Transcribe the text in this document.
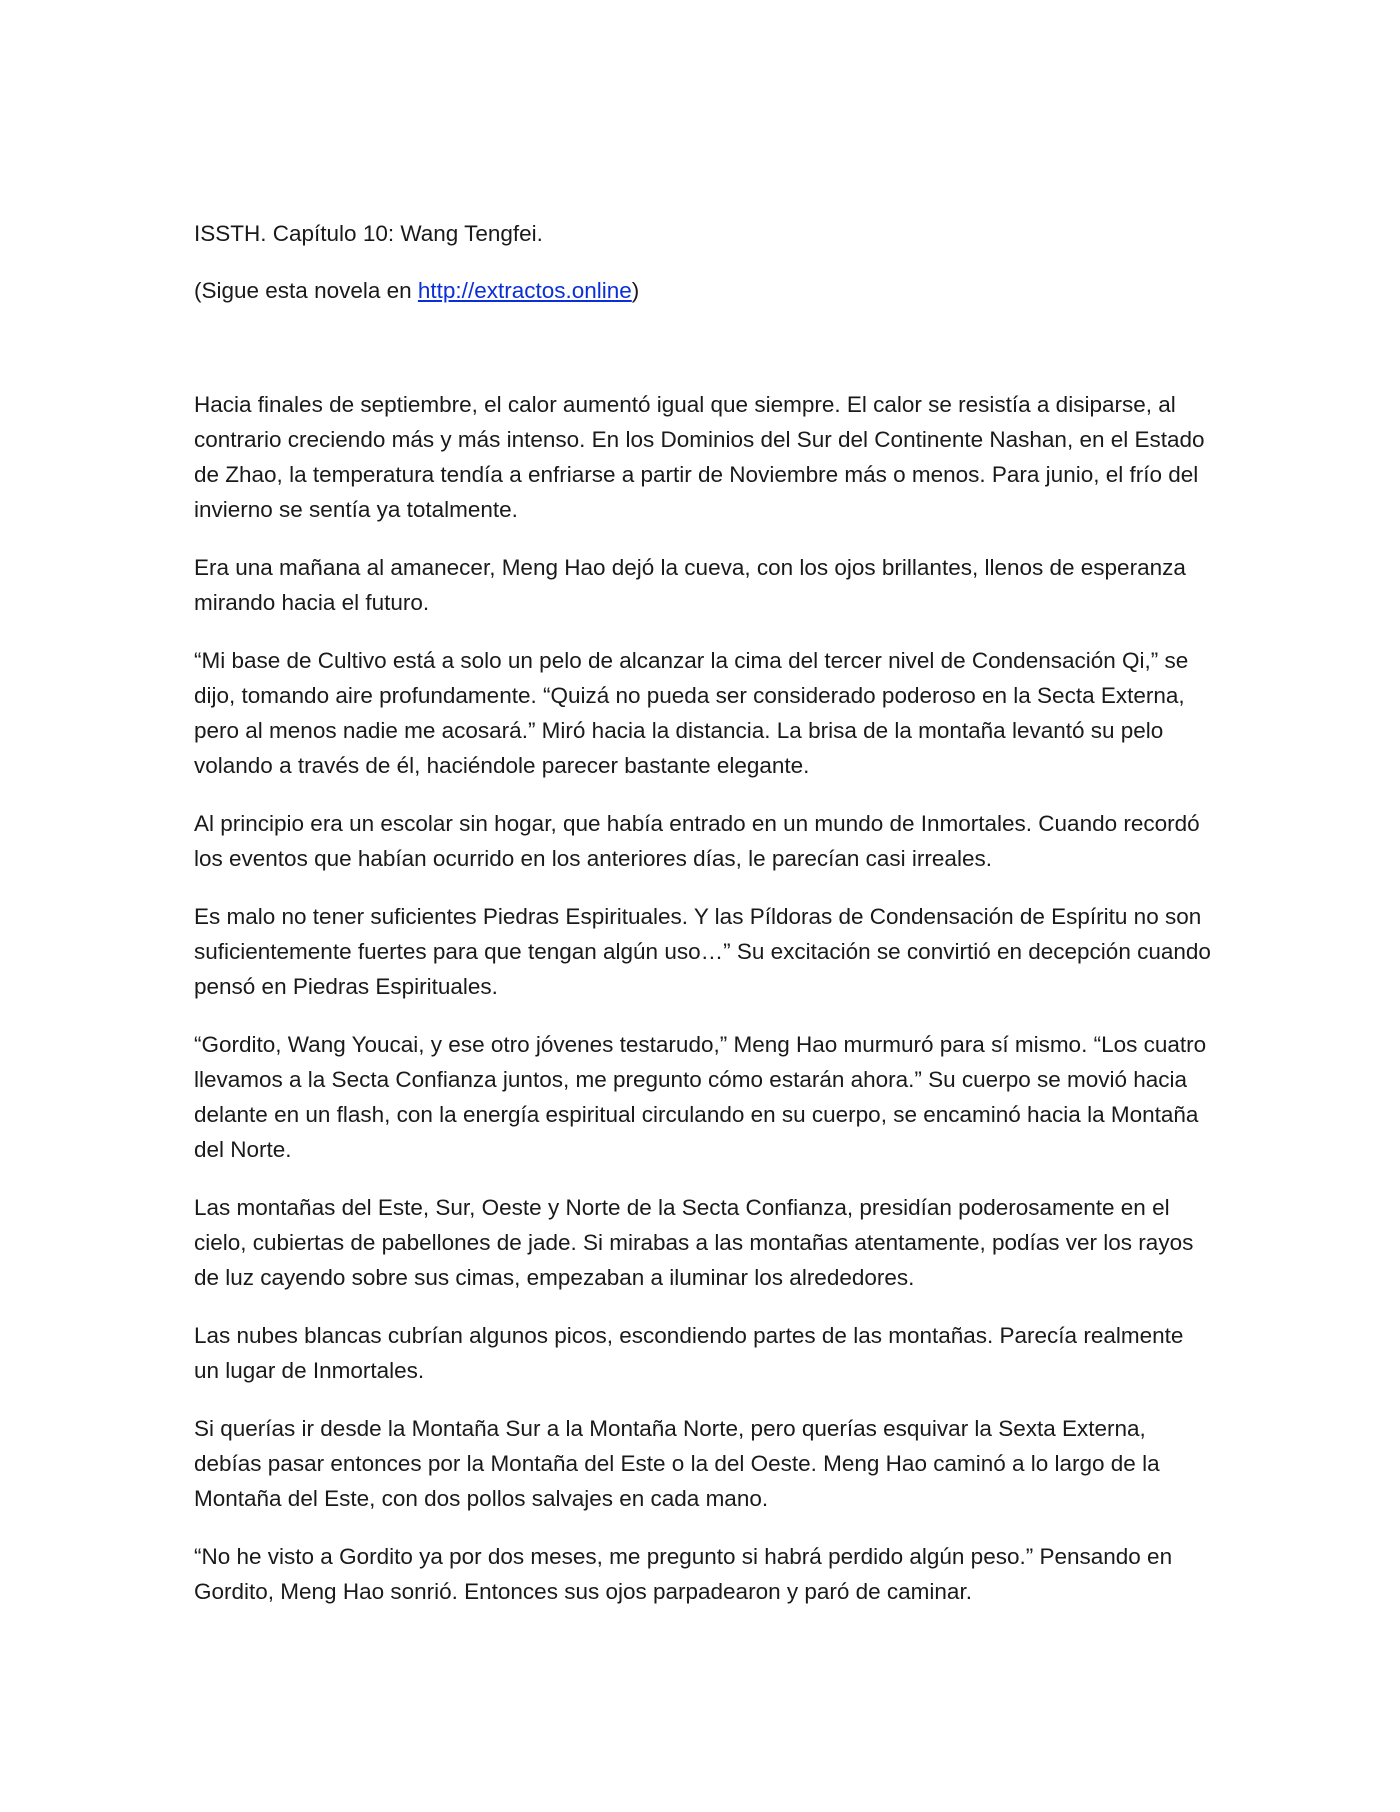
ISSTH. Capítulo 10: Wang Tengfei.

(Sigue esta novela en http://extractos.online)

Hacia finales de septiembre, el calor aumentó igual que siempre. El calor se resistía a disiparse, al contrario creciendo más y más intenso. En los Dominios del Sur del Continente Nashan, en el Estado de Zhao, la temperatura tendía a enfriarse a partir de Noviembre más o menos. Para junio, el frío del invierno se sentía ya totalmente.

Era una mañana al amanecer, Meng Hao dejó la cueva, con los ojos brillantes, llenos de esperanza mirando hacia el futuro.

“Mi base de Cultivo está a solo un pelo de alcanzar la cima del tercer nivel de Condensación Qi,” se dijo, tomando aire profundamente. “Quizá no pueda ser considerado poderoso en la Secta Externa, pero al menos nadie me acosará.” Miró hacia la distancia. La brisa de la montaña levantó su pelo volando a través de él, haciéndole parecer bastante elegante.

Al principio era un escolar sin hogar, que había entrado en un mundo de Inmortales. Cuando recordó los eventos que habían ocurrido en los anteriores días, le parecían casi irreales.

Es malo no tener suficientes Piedras Espirituales. Y las Píldoras de Condensación de Espíritu no son suficientemente fuertes para que tengan algún uso…” Su excitación se convirtió en decepción cuando pensó en Piedras Espirituales.

“Gordito, Wang Youcai, y ese otro jóvenes testarudo,” Meng Hao murmuró para sí mismo. “Los cuatro llevamos a la Secta Confianza juntos, me pregunto cómo estarán ahora.” Su cuerpo se movió hacia delante en un flash, con la energía espiritual circulando en su cuerpo, se encaminó hacia la Montaña del Norte.

Las montañas del Este, Sur, Oeste y Norte de la Secta Confianza, presidían poderosamente en el cielo, cubiertas de pabellones de jade. Si mirabas a las montañas atentamente, podías ver los rayos de luz cayendo sobre sus cimas, empezaban a iluminar los alrededores.

Las nubes blancas cubrían algunos picos, escondiendo partes de las montañas. Parecía realmente un lugar de Inmortales.

Si querías ir desde la Montaña Sur a la Montaña Norte, pero querías esquivar la Sexta Externa, debías pasar entonces por la Montaña del Este o la del Oeste. Meng Hao caminó a lo largo de la Montaña del Este, con dos pollos salvajes en cada mano.

“No he visto a Gordito ya por dos meses, me pregunto si habrá perdido algún peso.” Pensando en Gordito, Meng Hao sonrió. Entonces sus ojos parpadearon y paró de caminar.
